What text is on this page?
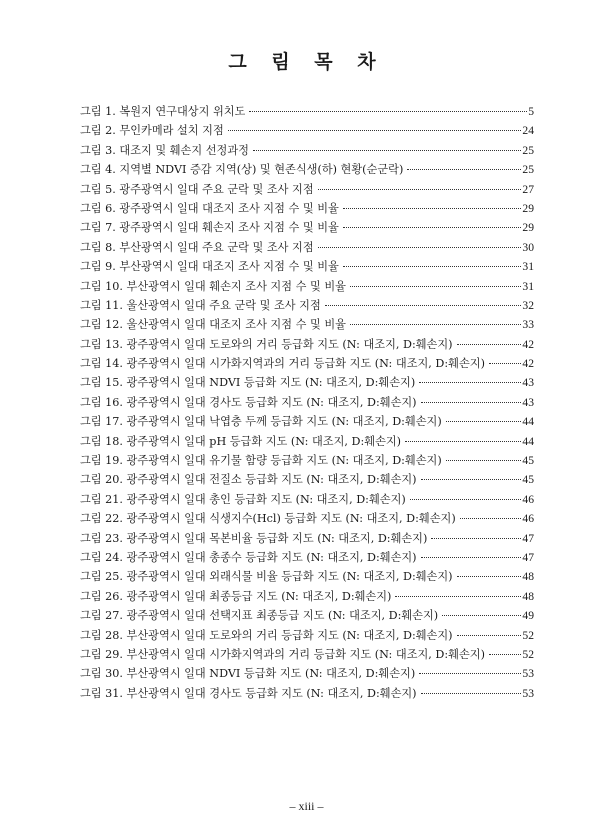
그 림 목 차
그림 1. 복원지 연구대상지 위치도	5
그림 2. 무인카메라 설치 지점	24
그림 3. 대조지 및 훼손지 선정과정	25
그림 4. 지역별 NDVI 증감 지역(상) 및 현존식생(하) 현황(순군락)	25
그림 5. 광주광역시 일대 주요 군락 및 조사 지점	27
그림 6. 광주광역시 일대 대조지 조사 지점 수 및 비율	29
그림 7. 광주광역시 일대 훼손지 조사 지점 수 및 비율	29
그림 8. 부산광역시 일대 주요 군락 및 조사 지점	30
그림 9. 부산광역시 일대 대조지 조사 지점 수 및 비율	31
그림 10. 부산광역시 일대 훼손지 조사 지점 수 및 비율	31
그림 11. 울산광역시 일대 주요 군락 및 조사 지점	32
그림 12. 울산광역시 일대 대조지 조사 지점 수 및 비율	33
그림 13. 광주광역시 일대 도로와의 거리 등급화 지도 (N: 대조지, D:훼손지)	42
그림 14. 광주광역시 일대 시가화지역과의 거리 등급화 지도 (N: 대조지, D:훼손지)	42
그림 15. 광주광역시 일대 NDVI 등급화 지도 (N: 대조지, D:훼손지)	43
그림 16. 광주광역시 일대 경사도 등급화 지도 (N: 대조지, D:훼손지)	43
그림 17. 광주광역시 일대 낙엽층 두께 등급화 지도 (N: 대조지, D:훼손지)	44
그림 18. 광주광역시 일대 pH 등급화 지도 (N: 대조지, D:훼손지)	44
그림 19. 광주광역시 일대 유기물 함량 등급화 지도 (N: 대조지, D:훼손지)	45
그림 20. 광주광역시 일대 전질소 등급화 지도 (N: 대조지, D:훼손지)	45
그림 21. 광주광역시 일대 총인 등급화 지도 (N: 대조지, D:훼손지)	46
그림 22. 광주광역시 일대 식생지수(Hcl) 등급화 지도 (N: 대조지, D:훼손지)	46
그림 23. 광주광역시 일대 목본비율 등급화 지도 (N: 대조지, D:훼손지)	47
그림 24. 광주광역시 일대 총종수 등급화 지도 (N: 대조지, D:훼손지)	47
그림 25. 광주광역시 일대 외래식물 비율 등급화 지도 (N: 대조지, D:훼손지)	48
그림 26. 광주광역시 일대 최종등급 지도 (N: 대조지, D:훼손지)	48
그림 27. 광주광역시 일대 선택지표 최종등급 지도 (N: 대조지, D:훼손지)	49
그림 28. 부산광역시 일대 도로와의 거리 등급화 지도 (N: 대조지, D:훼손지)	52
그림 29. 부산광역시 일대 시가화지역과의 거리 등급화 지도 (N: 대조지, D:훼손지)	52
그림 30. 부산광역시 일대 NDVI 등급화 지도 (N: 대조지, D:훼손지)	53
그림 31. 부산광역시 일대 경사도 등급화 지도 (N: 대조지, D:훼손지)	53
– xiii –
